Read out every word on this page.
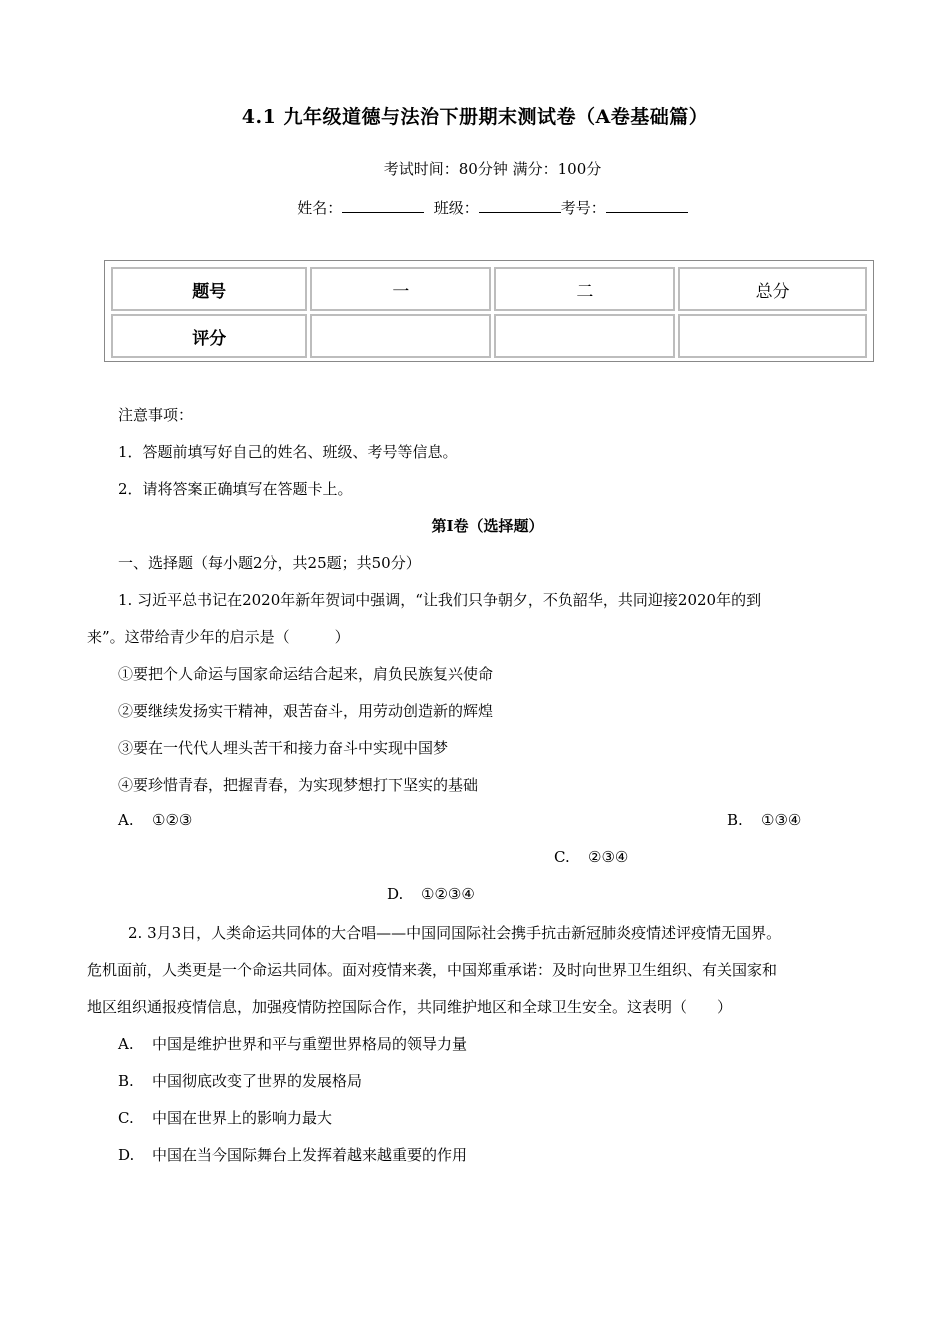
4.1 九年级道德与法治下册期末测试卷（A卷基础篇）
考试时间：80分钟 满分：100分
姓名：	班级：	考号：
题号	一	二	总分
评分			
注意事项：
1．答题前填写好自己的姓名、班级、考号等信息。
2．请将答案正确填写在答题卡上。
第I卷（选择题）
一、选择题（每小题2分，共25题；共50分）
1. 习近平总书记在2020年新年贺词中强调，“让我们只争朝夕，不负韶华，共同迎接2020年的到
来”。这带给青少年的启示是（　　　）
①要把个人命运与国家命运结合起来，肩负民族复兴使命
②要继续发扬实干精神，艰苦奋斗，用劳动创造新的辉煌
③要在一代代人埋头苦干和接力奋斗中实现中国梦
④要珍惜青春，把握青春，为实现梦想打下坚实的基础
A. ①②③	B. ①③④
C. ②③④
D. ①②③④
2. 3月3日，人类命运共同体的大合唱——中国同国际社会携手抗击新冠肺炎疫情述评疫情无国界。
危机面前，人类更是一个命运共同体。面对疫情来袭，中国郑重承诺：及时向世界卫生组织、有关国家和
地区组织通报疫情信息，加强疫情防控国际合作，共同维护地区和全球卫生安全。这表明（　　）
A. 中国是维护世界和平与重塑世界格局的领导力量
B. 中国彻底改变了世界的发展格局
C. 中国在世界上的影响力最大
D. 中国在当今国际舞台上发挥着越来越重要的作用
